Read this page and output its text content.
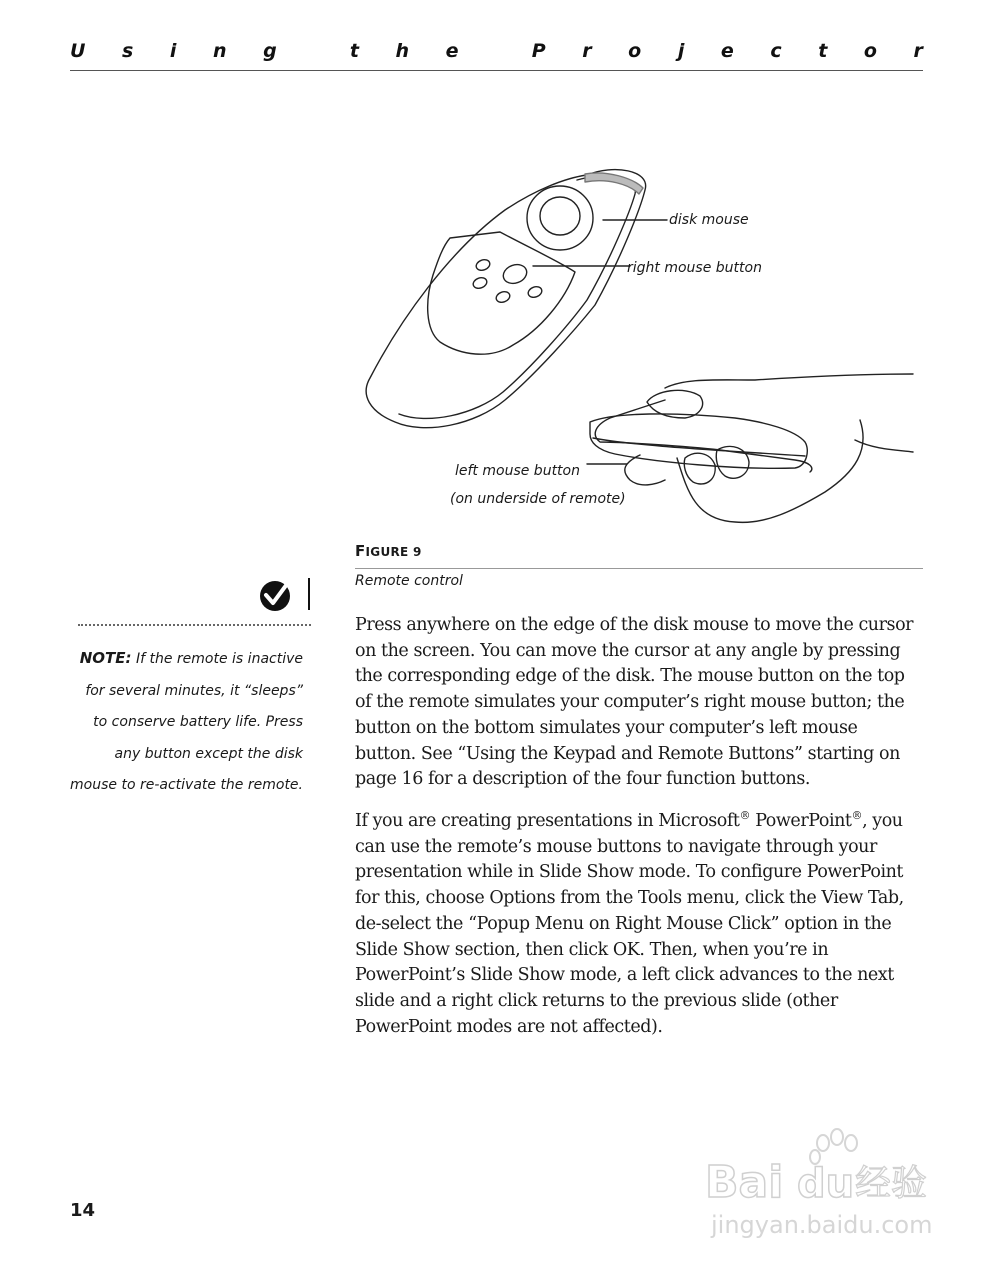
U s i n g	t h e	P r o j e c t o r
disk mouse
right mouse button
left mouse button
(on underside of remote)
FIGURE 9
Remote control
NOTE: If the remote is inactive for several minutes, it “sleeps” to conserve battery life. Press any button except the disk mouse to re-activate the remote.
Press anywhere on the edge of the disk mouse to move the cursor on the screen. You can move the cursor at any angle by pressing the corresponding edge of the disk. The mouse button on the top of the remote simulates your computer’s right mouse button; the button on the bottom simulates your computer’s left mouse button. See “Using the Keypad and Remote Buttons” starting on page 16 for a description of the four function buttons.
If you are creating presentations in Microsoft® PowerPoint®, you can use the remote’s mouse buttons to navigate through your presentation while in Slide Show mode. To configure PowerPoint for this, choose Options from the Tools menu, click the View Tab, de-select the “Popup Menu on Right Mouse Click” option in the Slide Show section, then click OK. Then, when you’re in PowerPoint’s Slide Show mode, a left click advances to the next slide and a right click returns to the previous slide (other PowerPoint modes are not affected).
14
Bai du 经验
jingyan.baidu.com
